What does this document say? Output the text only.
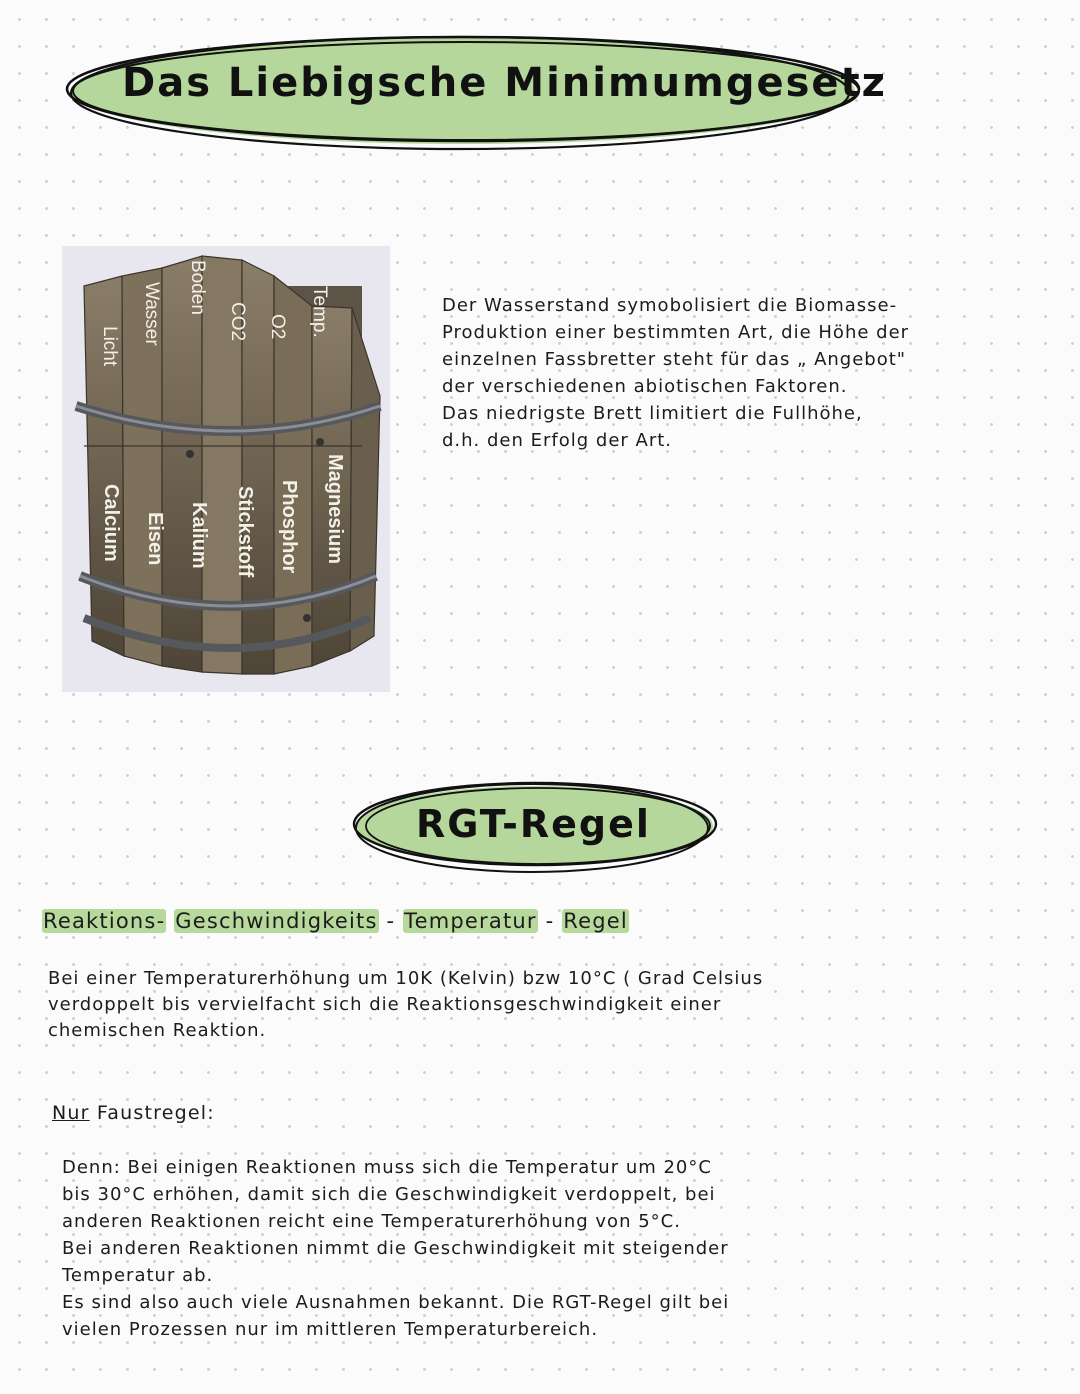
Das Liebigsche Minimumgesetz
Licht
Wasser Boden
CO2 O2 Temp.
Calcium Eisen Kalium Stickstoff Phosphor Magnesium
Der Wasserstand symobolisiert die Biomasse-
Produktion einer bestimmten Art, die Höhe der
einzelnen Fassbretter steht für das „ Angebot"
der verschiedenen abiotischen Faktoren.
Das niedrigste Brett limitiert die Fullhöhe,
d.h. den Erfolg der Art.
RGT-Regel
Reaktions- Geschwindigkeits - Temperatur - Regel
Bei einer Temperaturerhöhung um 10K (Kelvin) bzw 10°C ( Grad Celsius
verdoppelt bis vervielfacht sich die Reaktionsgeschwindigkeit einer
chemischen Reaktion.
Nur Faustregel:
Denn: Bei einigen Reaktionen muss sich die Temperatur um 20°C
bis 30°C erhöhen, damit sich die Geschwindigkeit verdoppelt, bei
anderen Reaktionen reicht eine Temperaturerhöhung von 5°C.
Bei anderen Reaktionen nimmt die Geschwindigkeit mit steigender
Temperatur ab.
Es sind also auch viele Ausnahmen bekannt. Die RGT-Regel gilt bei
vielen Prozessen nur im mittleren Temperaturbereich.
